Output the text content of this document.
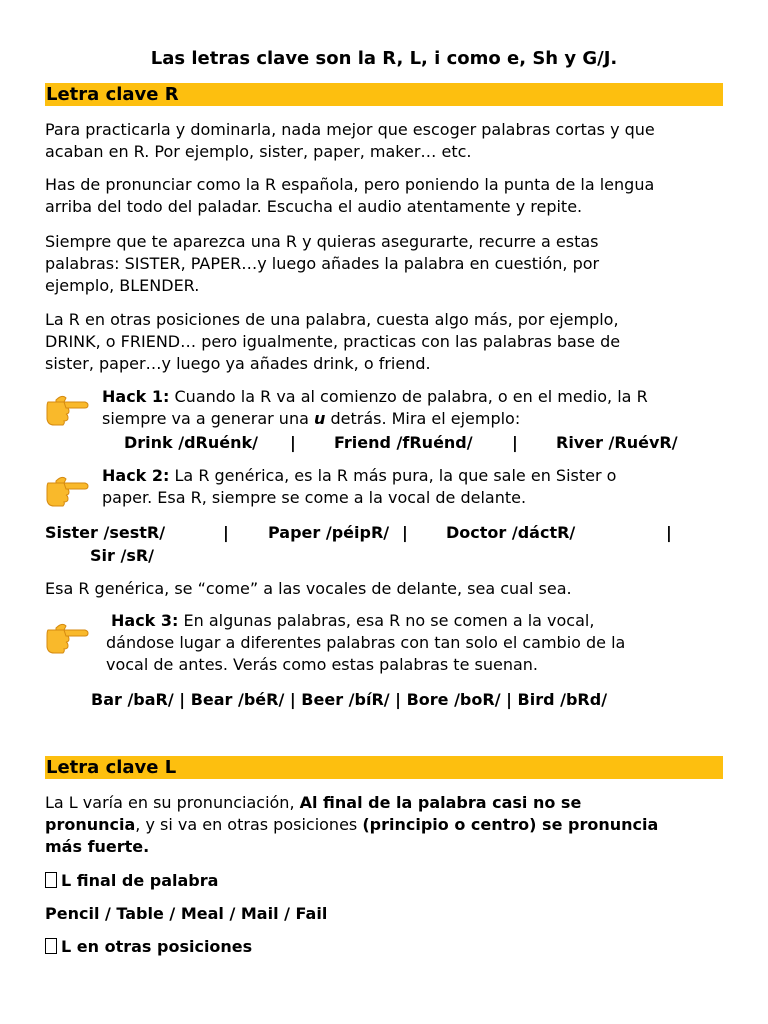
Las letras clave son la R, L, i como e, Sh y G/J.
Letra clave R
Para practicarla y dominarla, nada mejor que escoger palabras cortas y que
acaban en R. Por ejemplo, sister, paper, maker… etc.
Has de pronunciar como la R española, pero poniendo la punta de la lengua
arriba del todo del paladar. Escucha el audio atentamente y repite.
Siempre que te aparezca una R y quieras asegurarte, recurre a estas
palabras: SISTER, PAPER…y luego añades la palabra en cuestión, por
ejemplo, BLENDER.
La R en otras posiciones de una palabra, cuesta algo más, por ejemplo,
DRINK, o FRIEND… pero igualmente, practicas con las palabras base de
sister, paper…y luego ya añades drink, o friend.
Hack 1: Cuando la R va al comienzo de palabra, o en el medio, la R
siempre va a generar una u detrás. Mira el ejemplo:
Drink /dRuénk/ | Friend /fRuénd/ | River /RuévR/
Hack 2: La R genérica, es la R más pura, la que sale en Sister o
paper. Esa R, siempre se come a la vocal de delante.
Sister /sestR/	| Paper /péipR/ | Doctor /dáctR/	|
Sir /sR/
Esa R genérica, se “come” a las vocales de delante, sea cual sea.
Hack 3: En algunas palabras, esa R no se comen a la vocal,
dándose lugar a diferentes palabras con tan solo el cambio de la
vocal de antes. Verás como estas palabras te suenan.
Bar /baR/ | Bear /béR/ | Beer /bíR/ | Bore /boR/ | Bird /bRd/
Letra clave L
La L varía en su pronunciación, Al final de la palabra casi no se
pronuncia, y si va en otras posiciones (principio o centro) se pronuncia
más fuerte.
L final de palabra
Pencil / Table / Meal / Mail / Fail
L en otras posiciones
